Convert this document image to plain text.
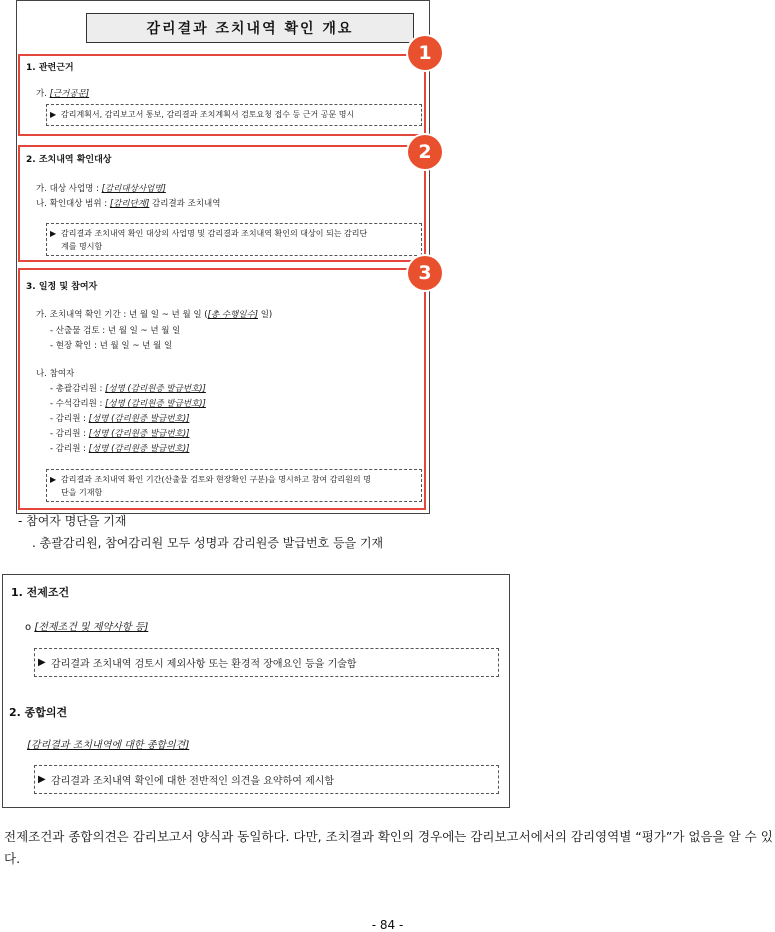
감리결과 조치내역 확인 개요
1. 관련근거
가. [근거공문]
▶ 감리계획서, 감리보고서 통보, 감리결과 조치계획서 검토요청 접수 등 근거 공문 명시
1
2. 조치내역 확인대상
가. 대상 사업명 : [감리대상사업명]
나. 확인대상 범위 : [감리단계] 감리결과 조치내역
▶ 감리결과 조치내역 확인 대상의 사업명 및 감리결과 조치내역 확인의 대상이 되는 감리단
계를 명시함
2
3. 일정 및 참여자
가. 조치내역 확인 기간 : 년 월 일 ~ 년 월 일 ([총 수행일수] 일)
- 산출물 검토 : 년 월 일 ~ 년 월 일
- 현장 확인 : 년 월 일 ~ 년 월 일
나. 참여자
- 총괄감리원 : [성명 (감리원증 발급번호)]
- 수석감리원 : [성명 (감리원증 발급번호)]
- 감리원 : [성명 (감리원증 발급번호)]
- 감리원 : [성명 (감리원증 발급번호)]
- 감리원 : [성명 (감리원증 발급번호)]
▶ 감리결과 조치내역 확인 기간(산출물 검토와 현장확인 구분)을 명시하고 참여 감리원의 명
단을 기재함
3
- 참여자 명단을 기재
. 총괄감리원, 참여감리원 모두 성명과 감리원증 발급번호 등을 기재
1. 전제조건
o [전제조건 및 제약사항 등]
▶ 감리결과 조치내역 검토시 제외사항 또는 환경적 장애요인 등을 기술함
2. 종합의견
[감리결과 조치내역에 대한 종합의견]
▶ 감리결과 조치내역 확인에 대한 전반적인 의견을 요약하여 제시함
전제조건과 종합의견은 감리보고서 양식과 동일하다. 다만, 조치결과 확인의 경우에는 감리보고서에서의 감리영역별 “평가”가 없음을 알 수 있다.
- 84 -
